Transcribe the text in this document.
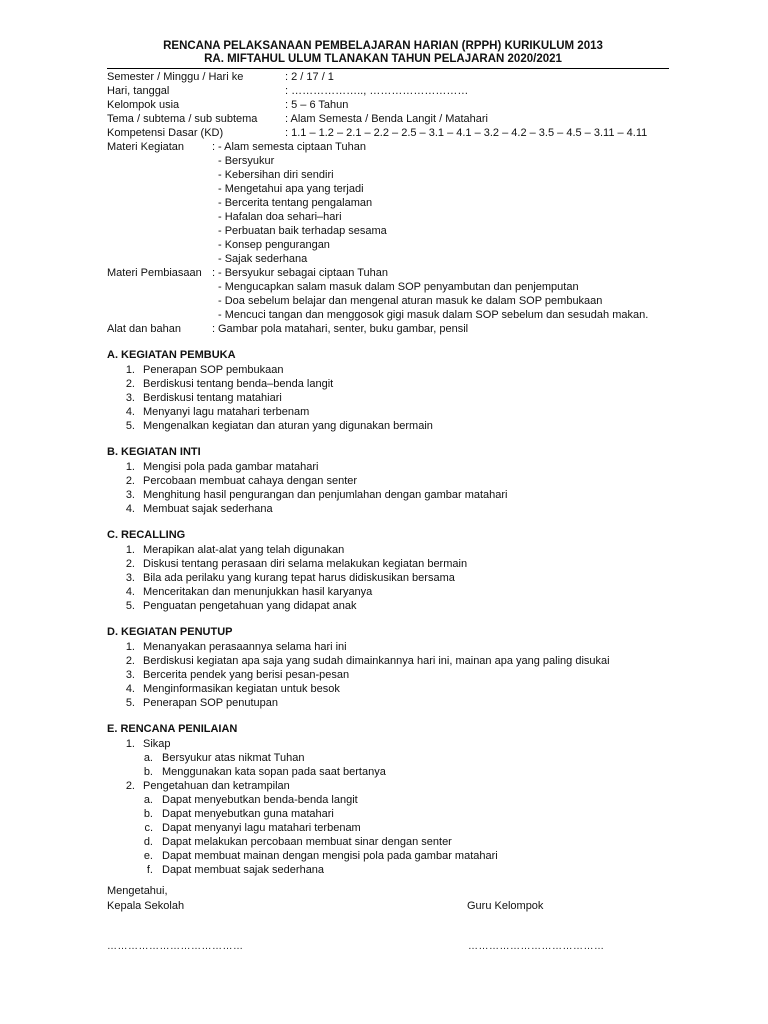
RENCANA PELAKSANAAN PEMBELAJARAN HARIAN (RPPH) KURIKULUM 2013
RA. MIFTAHUL ULUM TLANAKAN TAHUN PELAJARAN 2020/2021
Semester / Minggu / Hari ke	: 2 / 17 / 1
Hari, tanggal	: ……………….., ………………………
Kelompok usia	: 5 – 6 Tahun
Tema / subtema / sub subtema	: Alam Semesta / Benda Langit / Matahari
Kompetensi Dasar (KD)	: 1.1 – 1.2 – 2.1 – 2.2 – 2.5 – 3.1 – 4.1 – 3.2 – 4.2 – 3.5 – 4.5 – 3.11 – 4.11
Materi Kegiatan	: - Alam semesta ciptaan Tuhan
- Bersyukur
- Kebersihan diri sendiri
- Mengetahui apa yang terjadi
- Bercerita tentang pengalaman
- Hafalan doa sehari–hari
- Perbuatan baik terhadap sesama
- Konsep pengurangan
- Sajak sederhana
Materi Pembiasaan : - Bersyukur sebagai ciptaan Tuhan
- Mengucapkan salam masuk dalam SOP penyambutan dan penjemputan
- Doa sebelum belajar dan mengenal aturan masuk ke dalam SOP pembukaan
- Mencuci tangan dan menggosok gigi masuk dalam SOP sebelum dan sesudah makan.
Alat dan bahan	: Gambar pola matahari, senter, buku gambar, pensil
A. KEGIATAN PEMBUKA
1. Penerapan SOP pembukaan
2. Berdiskusi tentang benda–benda langit
3. Berdiskusi tentang matahiari
4. Menyanyi lagu matahari terbenam
5. Mengenalkan kegiatan dan aturan yang digunakan bermain
B. KEGIATAN INTI
1. Mengisi pola pada gambar matahari
2. Percobaan membuat cahaya dengan senter
3. Menghitung hasil pengurangan dan penjumlahan dengan gambar matahari
4. Membuat sajak sederhana
C. RECALLING
1. Merapikan alat-alat yang telah digunakan
2. Diskusi tentang perasaan diri selama melakukan kegiatan bermain
3. Bila ada perilaku yang kurang tepat harus didiskusikan bersama
4. Menceritakan dan menunjukkan hasil karyanya
5. Penguatan pengetahuan yang didapat anak
D. KEGIATAN PENUTUP
1. Menanyakan perasaannya selama hari ini
2. Berdiskusi kegiatan apa saja yang sudah dimainkannya hari ini, mainan apa yang paling disukai
3. Bercerita pendek yang berisi pesan-pesan
4. Menginformasikan kegiatan untuk besok
5. Penerapan SOP penutupan
E. RENCANA PENILAIAN
1. Sikap
a. Bersyukur atas nikmat Tuhan
b. Menggunakan kata sopan pada saat bertanya
2. Pengetahuan dan ketrampilan
a. Dapat menyebutkan benda-benda langit
b. Dapat menyebutkan guna matahari
c. Dapat menyanyi lagu matahari terbenam
d. Dapat melakukan percobaan membuat sinar dengan senter
e. Dapat membuat mainan dengan mengisi pola pada gambar matahari
f. Dapat membuat sajak sederhana
Mengetahui,
Kepala Sekolah	Guru Kelompok
…………………………………	…………………………………
